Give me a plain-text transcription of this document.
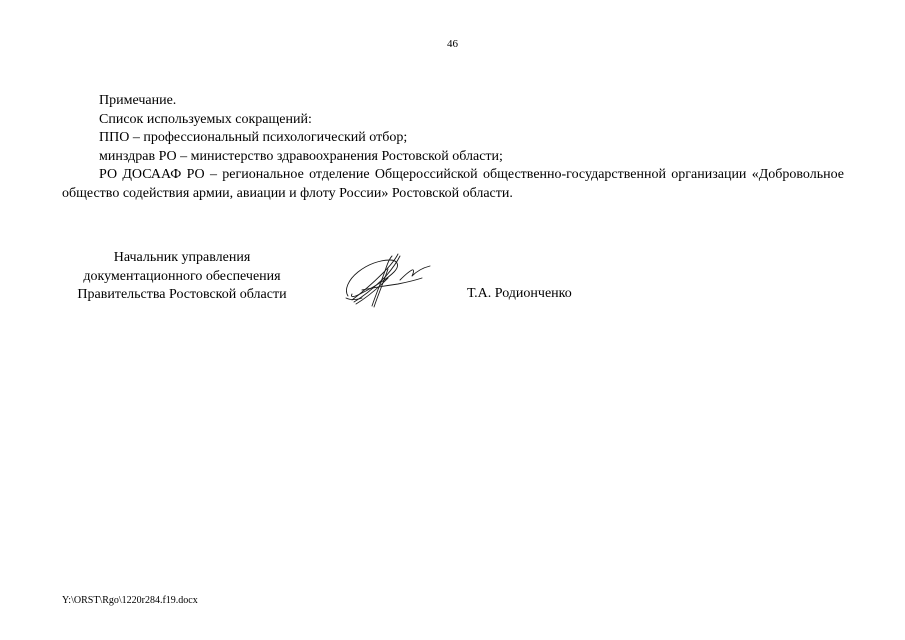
46

Примечание.

Список используемых сокращений:

ППО – профессиональный психологический отбор;

минздрав РО – министерство здравоохранения Ростовской области;

РО ДОСААФ РО – региональное отделение Общероссийской общественно-государственной организации «Добровольное общество содействия армии, авиации и флоту России» Ростовской области.

Начальник управления
документационного обеспечения
Правительства Ростовской области	Т.А. Родионченко
Y:\ORST\Rgo\1220r284.f19.docx
